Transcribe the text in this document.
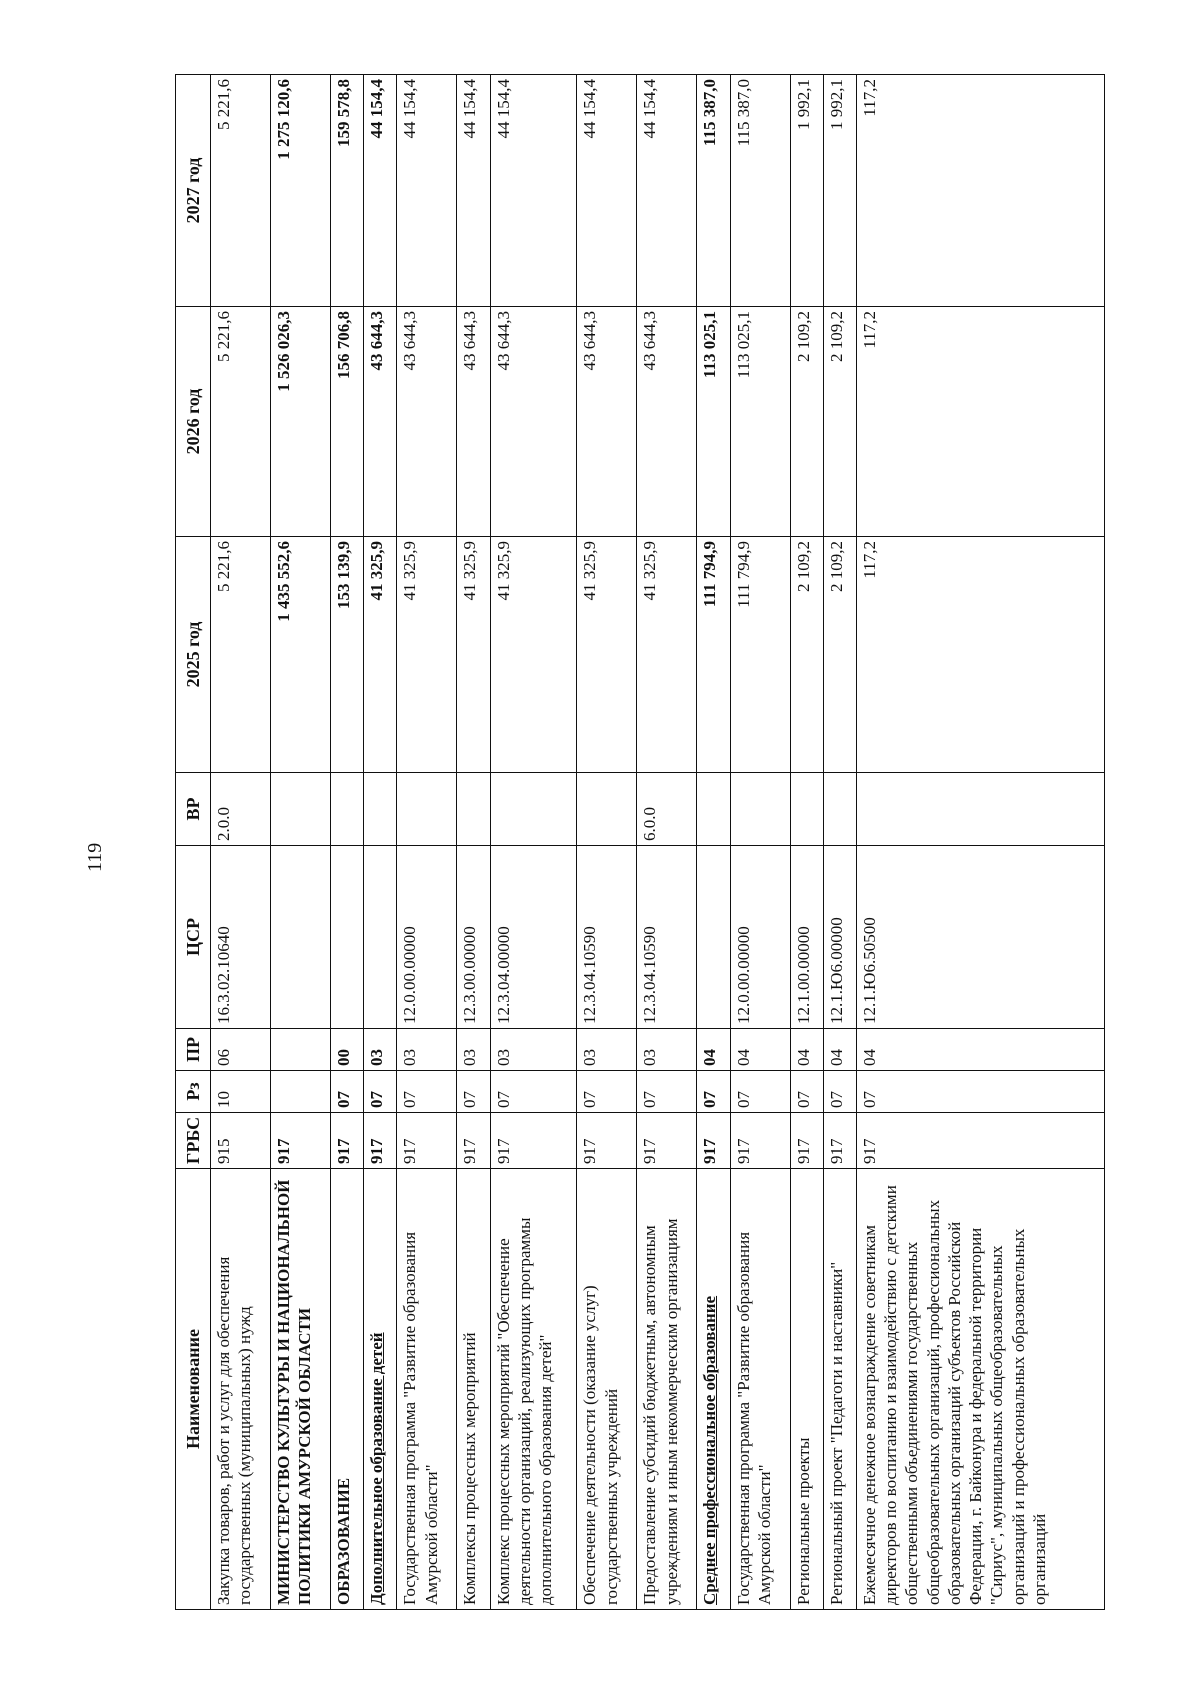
119
Наименование	ГРБС	Рз	ПР	ЦСР	ВР	2025 год	2026 год	2027 год
Закупка товаров, работ и услуг для обеспечения государственных (муниципальных) нужд	915	10	06	16.3.02.10640	2.0.0	5 221,6	5 221,6	5 221,6
МИНИСТЕРСТВО КУЛЬТУРЫ И НАЦИОНАЛЬНОЙ ПОЛИТИКИ АМУРСКОЙ ОБЛАСТИ	917					1 435 552,6	1 526 026,3	1 275 120,6
ОБРАЗОВАНИЕ	917	07	00			153 139,9	156 706,8	159 578,8
Дополнительное образование детей	917	07	03			41 325,9	43 644,3	44 154,4
Государственная программа "Развитие образования Амурской области"	917	07	03	12.0.00.00000		41 325,9	43 644,3	44 154,4
Комплексы процессных мероприятий	917	07	03	12.3.00.00000		41 325,9	43 644,3	44 154,4
Комплекс процессных мероприятий "Обеспечение деятельности организаций, реализующих программы дополнительного образования детей"	917	07	03	12.3.04.00000		41 325,9	43 644,3	44 154,4
Обеспечение деятельности (оказание услуг) государственных учреждений	917	07	03	12.3.04.10590		41 325,9	43 644,3	44 154,4
Предоставление субсидий бюджетным, автономным учреждениям и иным некоммерческим организациям	917	07	03	12.3.04.10590	6.0.0	41 325,9	43 644,3	44 154,4
Среднее профессиональное образование	917	07	04			111 794,9	113 025,1	115 387,0
Государственная программа "Развитие образования Амурской области"	917	07	04	12.0.00.00000		111 794,9	113 025,1	115 387,0
Региональные проекты	917	07	04	12.1.00.00000		2 109,2	2 109,2	1 992,1
Региональный проект "Педагоги и наставники"	917	07	04	12.1.Ю6.00000		2 109,2	2 109,2	1 992,1
Ежемесячное денежное вознаграждение советникам директоров по воспитанию и взаимодействию с детскими общественными объединениями государственных общеобразовательных организаций, профессиональных образовательных организаций субъектов Российской Федерации, г. Байконура и федеральной территории "Сириус", муниципальных общеобразовательных организаций и профессиональных образовательных организаций	917	07	04	12.1.Ю6.50500		117,2	117,2	117,2
